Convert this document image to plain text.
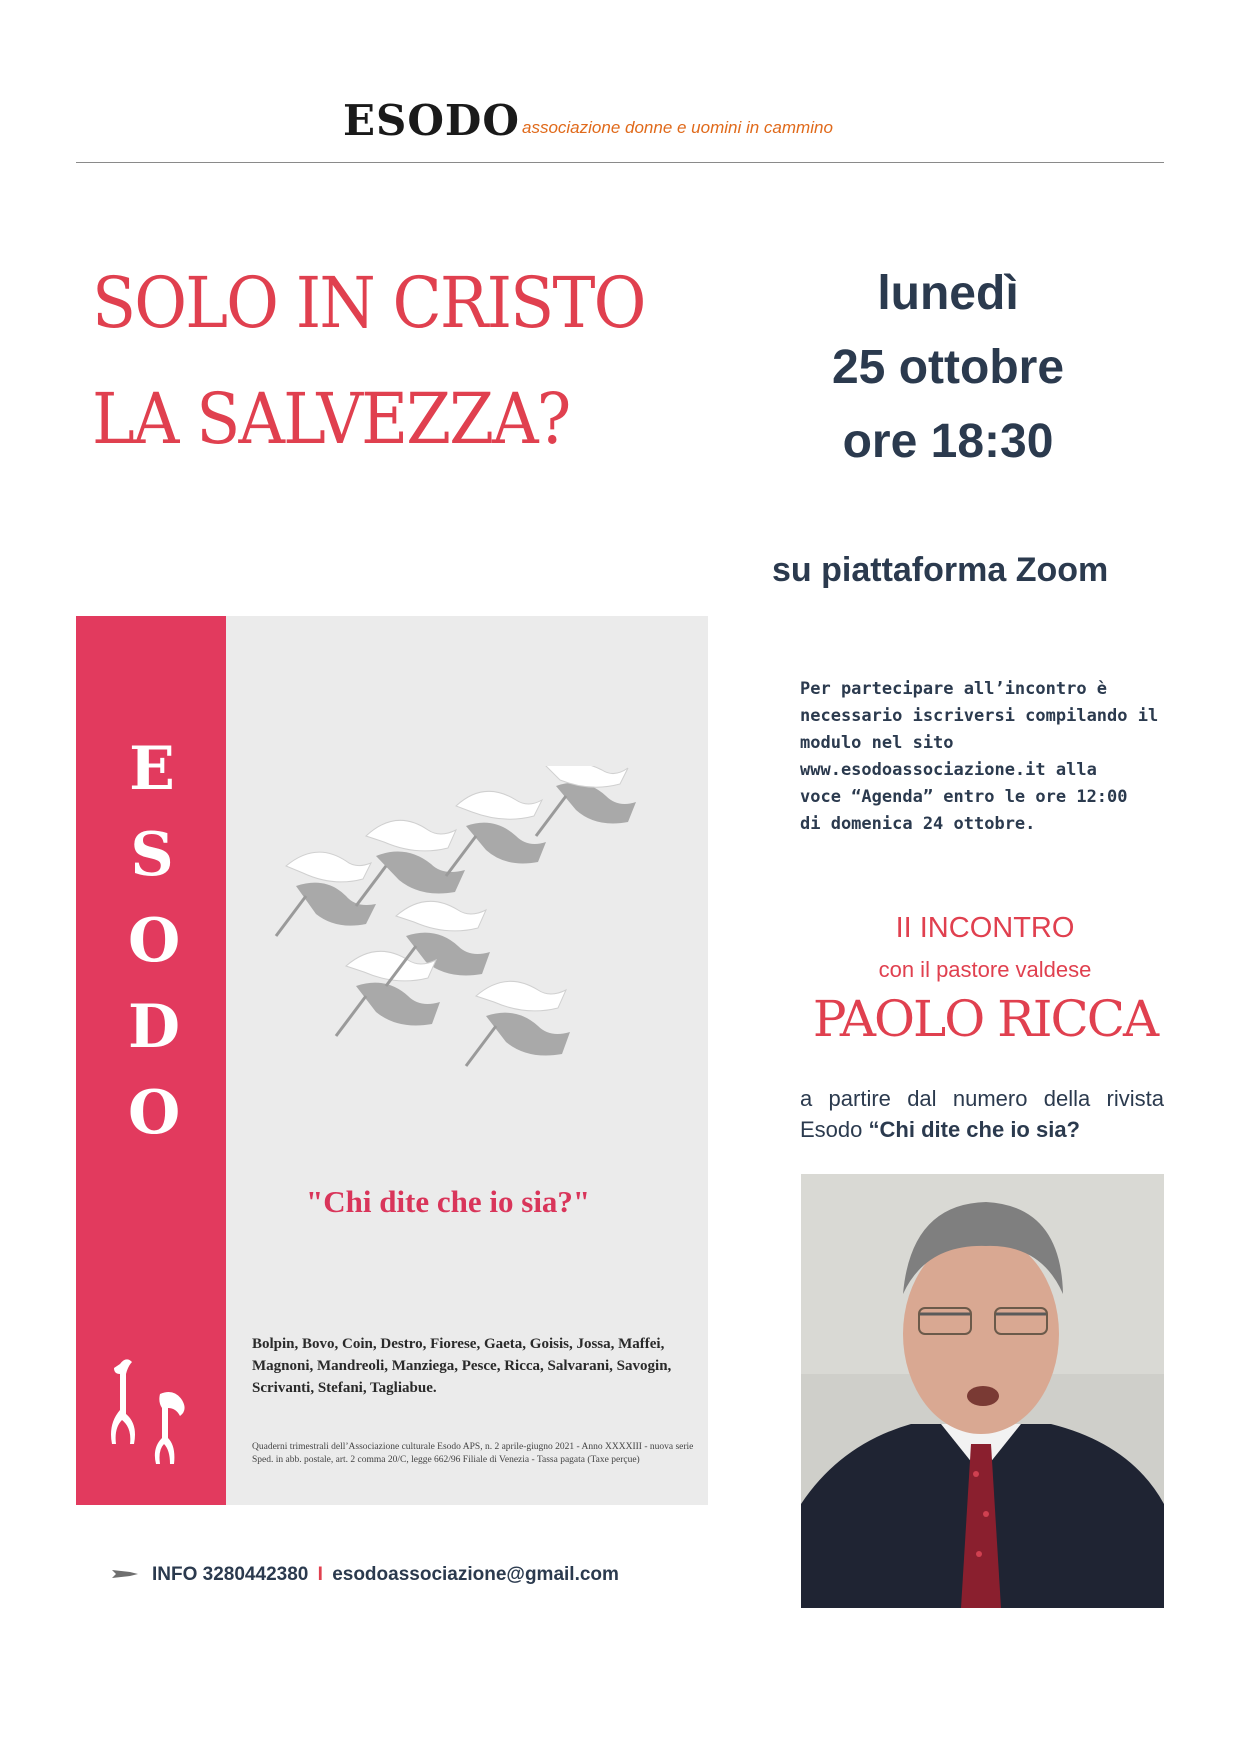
ESODO associazione donne e uomini in cammino
SOLO IN CRISTO
LA SALVEZZA?
lunedì
25 ottobre
ore 18:30
su piattaforma Zoom
Per partecipare all’incontro è
necessario iscriversi compilando il
modulo nel sito
www.esodoassociazione.it alla
voce “Agenda” entro le ore 12:00
di domenica 24 ottobre.
II INCONTRO
con il pastore valdese
PAOLO RICCA
a partire dal numero della rivista Esodo “Chi dite che io sia?
E
S
O
D
O
"Chi dite che io sia?"
Bolpin, Bovo, Coin, Destro, Fiorese, Gaeta, Goisis, Jossa, Maffei, Magnoni, Mandreoli, Manziega, Pesce, Ricca, Salvarani, Savogin, Scrivanti, Stefani, Tagliabue.
Quaderni trimestrali dell’Associazione culturale Esodo APS, n. 2 aprile-giugno 2021 - Anno XXXXIII - nuova serie Sped. in abb. postale, art. 2 comma 20/C, legge 662/96 Filiale di Venezia - Tassa pagata (Taxe perçue)
INFO 3280442380 I esodoassociazione@gmail.com
